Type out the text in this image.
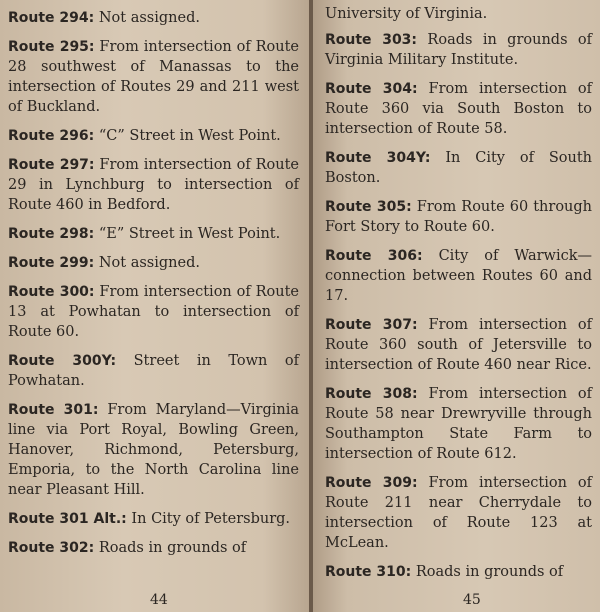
Route 294: Not assigned.

Route 295: From intersection of Route 28 southwest of Manassas to the intersection of Routes 29 and 211 west of Buckland.

Route 296: “C” Street in West Point.

Route 297: From intersection of Route 29 in Lynchburg to intersection of Route 460 in Bedford.

Route 298: “E” Street in West Point.

Route 299: Not assigned.

Route 300: From intersection of Route 13 at Powhatan to intersection of Route 60.

Route 300Y: Street in Town of Powhatan.

Route 301: From Maryland—Virginia line via Port Royal, Bowling Green, Hanover, Richmond, Petersburg, Emporia, to the North Carolina line near Pleasant Hill.

Route 301 Alt.: In City of Petersburg.

Route 302: Roads in grounds of

44

University of Virginia.

Route 303: Roads in grounds of Virginia Military Institute.

Route 304: From intersection of Route 360 via South Boston to intersection of Route 58.

Route 304Y: In City of South Boston.

Route 305: From Route 60 through Fort Story to Route 60.

Route 306: City of Warwick—connection between Routes 60 and 17.

Route 307: From intersection of Route 360 south of Jetersville to intersection of Route 460 near Rice.

Route 308: From intersection of Route 58 near Drewryville through Southampton State Farm to intersection of Route 612.

Route 309: From intersection of Route 211 near Cherrydale to intersection of Route 123 at McLean.

Route 310: Roads in grounds of

45
